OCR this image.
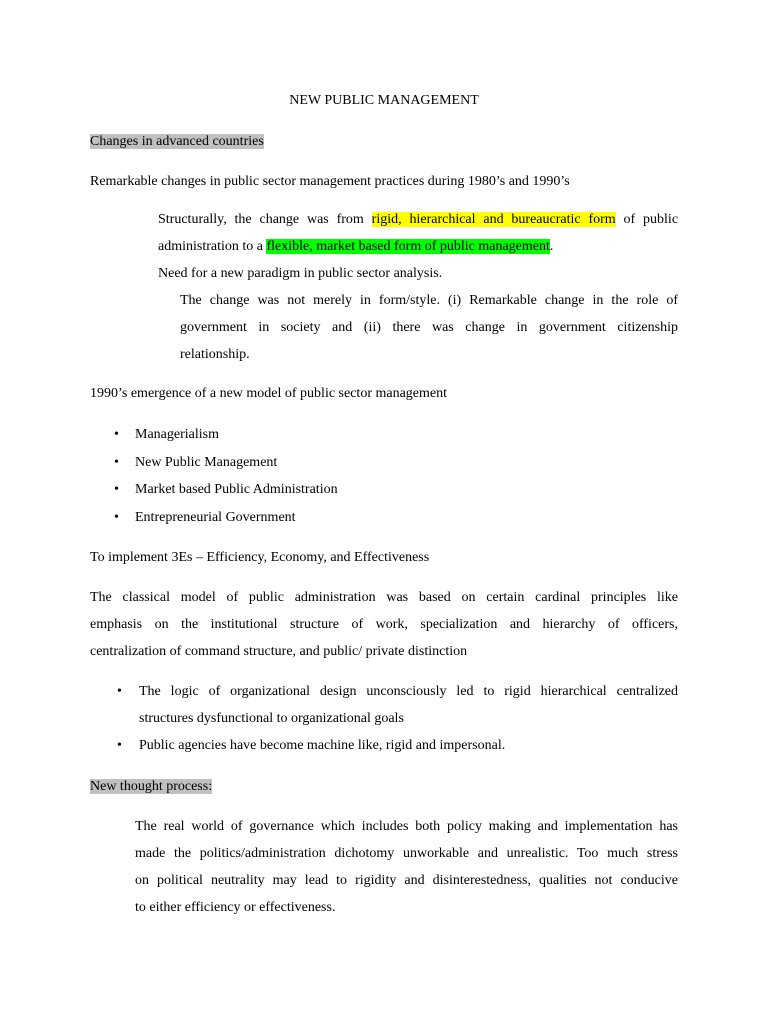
NEW PUBLIC MANAGEMENT
Changes in advanced countries
Remarkable changes in public sector management practices during 1980’s and 1990’s
Structurally, the change was from rigid, hierarchical and bureaucratic form of public
administration to a flexible, market based form of public management.
Need for a new paradigm in public sector analysis.
The change was not merely in form/style. (i) Remarkable change in the role of
government in society and (ii) there was change in government citizenship
relationship.
1990’s emergence of a new model of public sector management
• Managerialism
• New Public Management
• Market based Public Administration
• Entrepreneurial Government
To implement 3Es – Efficiency, Economy, and Effectiveness
The classical model of public administration was based on certain cardinal principles like
emphasis on the institutional structure of work, specialization and hierarchy of officers,
centralization of command structure, and public/ private distinction
• The logic of organizational design unconsciously led to rigid hierarchical centralized
structures dysfunctional to organizational goals
• Public agencies have become machine like, rigid and impersonal.
New thought process:
The real world of governance which includes both policy making and implementation has
made the politics/administration dichotomy unworkable and unrealistic. Too much stress
on political neutrality may lead to rigidity and disinterestedness, qualities not conducive
to either efficiency or effectiveness.
